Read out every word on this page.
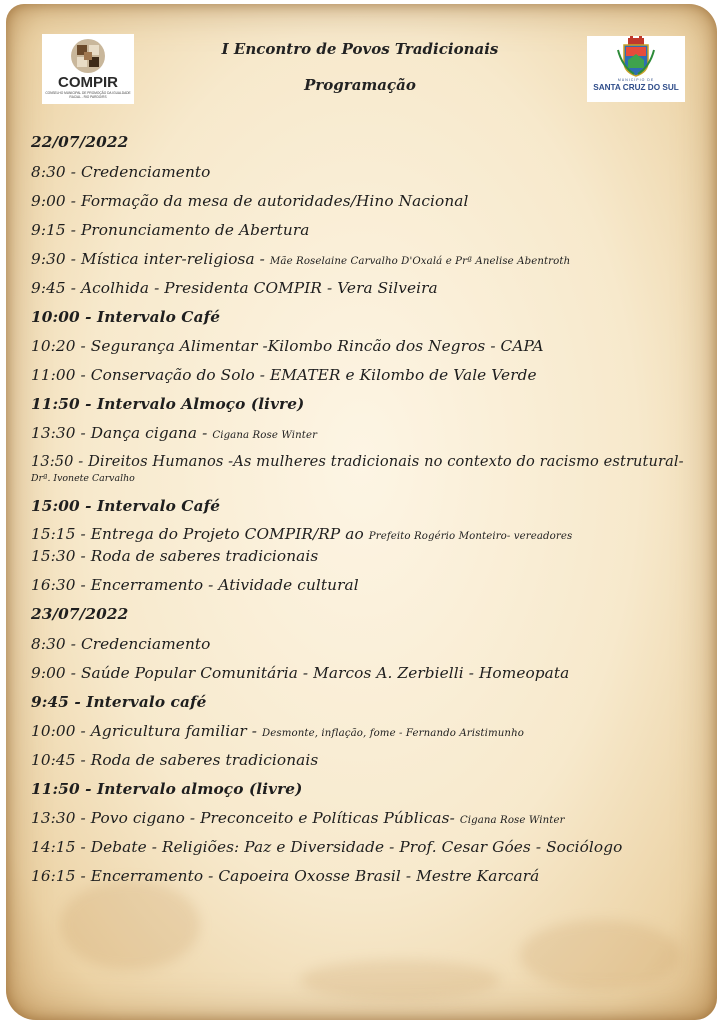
COMPIR
CONSELHO MUNICIPAL DE PROMOÇÃO DA IGUALDADE RACIAL - RIO PARDO/RS
MUNICÍPIO DE
SANTA CRUZ DO SUL
I Encontro de Povos Tradicionais
Programação
22/07/2022
8:30 - Credenciamento
9:00 - Formação da mesa de autoridades/Hino Nacional
9:15 - Pronunciamento de Abertura
9:30 - Mística inter-religiosa - Mãe Roselaine Carvalho D'Oxalá e Prª Anelise Abentroth
9:45 - Acolhida - Presidenta COMPIR - Vera Silveira
10:00 - Intervalo Café
10:20 - Segurança Alimentar -Kilombo Rincão dos Negros - CAPA
11:00 - Conservação do Solo - EMATER e Kilombo de Vale Verde
11:50 - Intervalo Almoço (livre)
13:30 - Dança cigana - Cigana Rose Winter
13:50 - Direitos Humanos -As mulheres tradicionais no contexto do racismo estrutural-
Drª. Ivonete Carvalho
15:00 - Intervalo Café
15:15 - Entrega do Projeto COMPIR/RP ao Prefeito Rogério Monteiro- vereadores
15:30 - Roda de saberes tradicionais
16:30 - Encerramento - Atividade cultural
23/07/2022
8:30 - Credenciamento
9:00 - Saúde Popular Comunitária - Marcos A. Zerbielli - Homeopata
9:45 - Intervalo café
10:00 - Agricultura familiar - Desmonte, inflação, fome - Fernando Aristimunho
10:45 - Roda de saberes tradicionais
11:50 - Intervalo almoço (livre)
13:30 - Povo cigano - Preconceito e Políticas Públicas- Cigana Rose Winter
14:15 - Debate - Religiões: Paz e Diversidade - Prof. Cesar Góes - Sociólogo
16:15 - Encerramento - Capoeira Oxosse Brasil - Mestre Karcará
